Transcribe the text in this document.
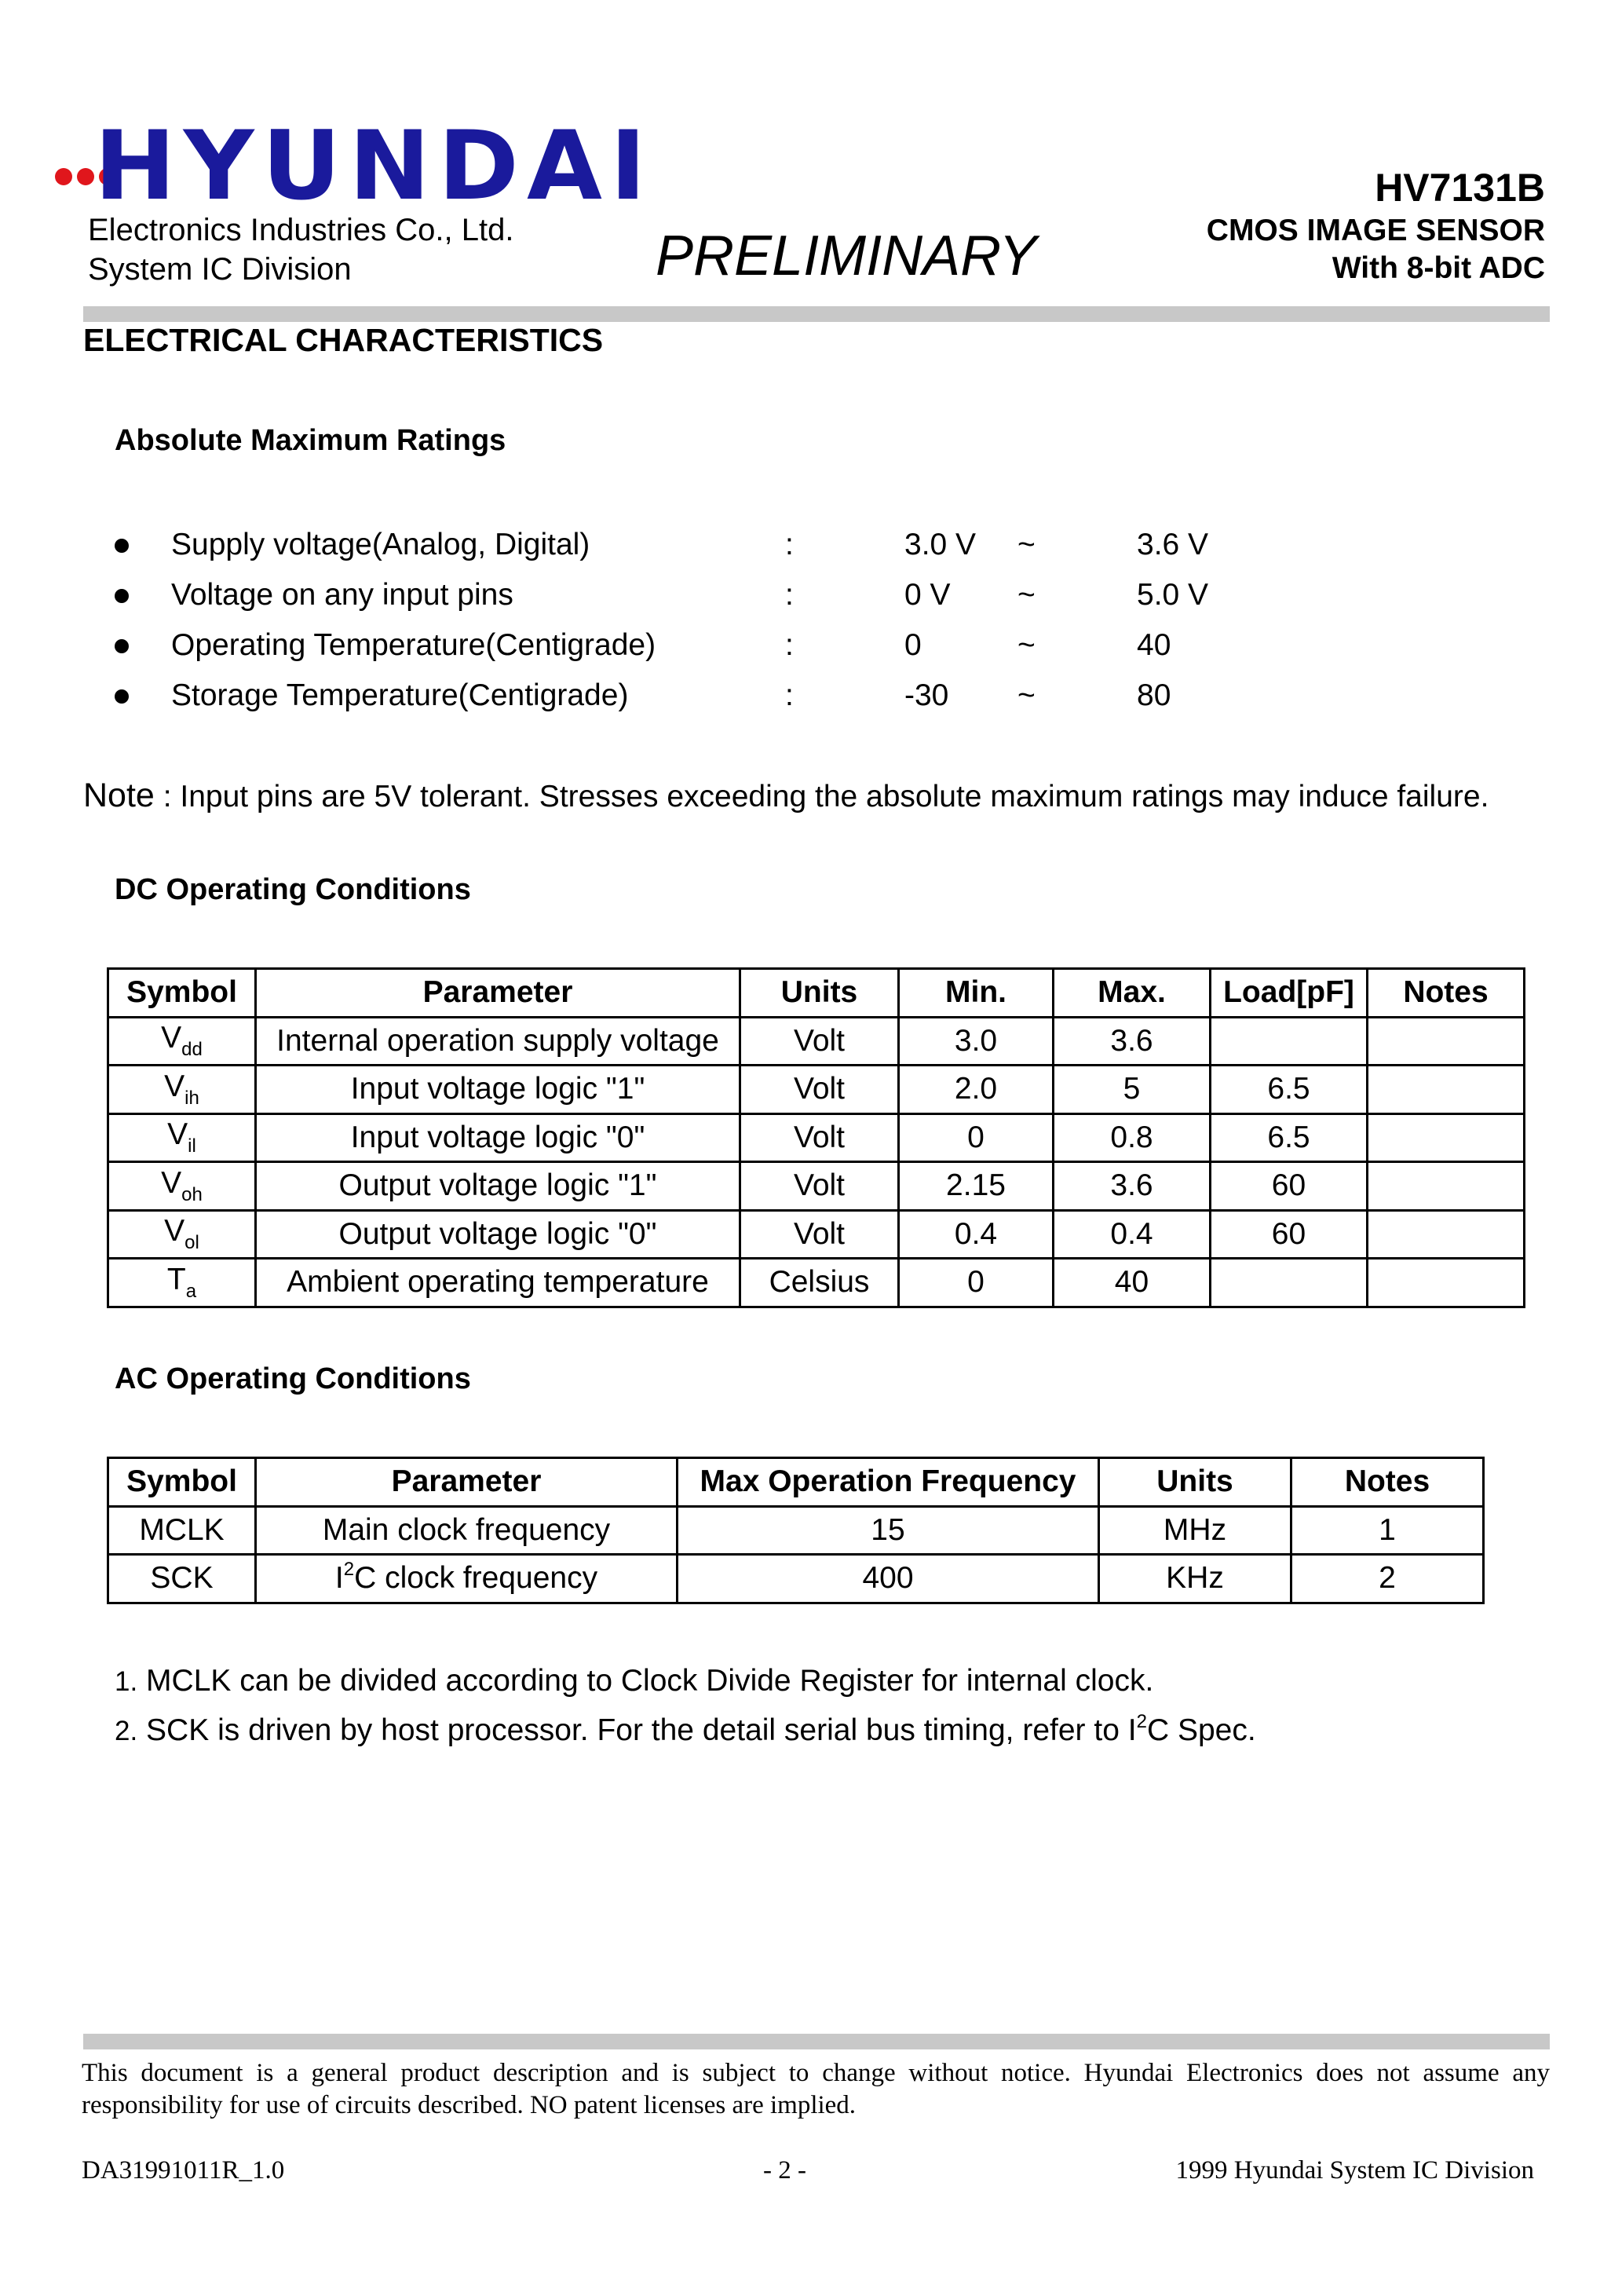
HYUNDAI
Electronics Industries Co., Ltd.
System IC Division	PRELIMINARY
HV7131B
CMOS IMAGE SENSOR
With 8-bit ADC
ELECTRICAL CHARACTERISTICS
Absolute Maximum Ratings
Supply voltage(Analog, Digital)	:	3.0 V ~	3.6 V
Voltage on any input pins	:	0 V ~	5.0 V
Operating Temperature(Centigrade)	:	0	~	40
Storage Temperature(Centigrade)	:	-30 ~	80
Note : Input pins are 5V tolerant. Stresses exceeding the absolute maximum ratings may induce failure.
DC Operating Conditions
Symbol	Parameter	Units	Min.	Max.	Load[pF]	Notes
$V_{dd}$	Internal operation supply voltage	Volt	3.0	3.6		
$V_{ih}$	Input voltage logic "1"	Volt	2.0	5	6.5	
$V_{il}$	Input voltage logic "0"	Volt	0	0.8	6.5	
$V_{oh}$	Output voltage logic "1"	Volt	2.15	3.6	60	
$V_{ol}$	Output voltage logic "0"	Volt	0.4	0.4	60	
$T_a$	Ambient operating temperature	Celsius	0	40		
AC Operating Conditions
Symbol	Parameter	Max Operation Frequency	Units	Notes
MCLK	Main clock frequency	15	MHz	1
SCK	$I^2C$ clock frequency	400	KHz	2
1. MCLK can be divided according to Clock Divide Register for internal clock.
2. SCK is driven by host processor. For the detail serial bus timing, refer to $I^2C$ Spec.
This document is a general product description and is subject to change without notice. Hyundai Electronics does not assume any responsibility for use of circuits described. NO patent licenses are implied.
DA31991011R_1.0	- 2 -	1999 Hyundai System IC Division
